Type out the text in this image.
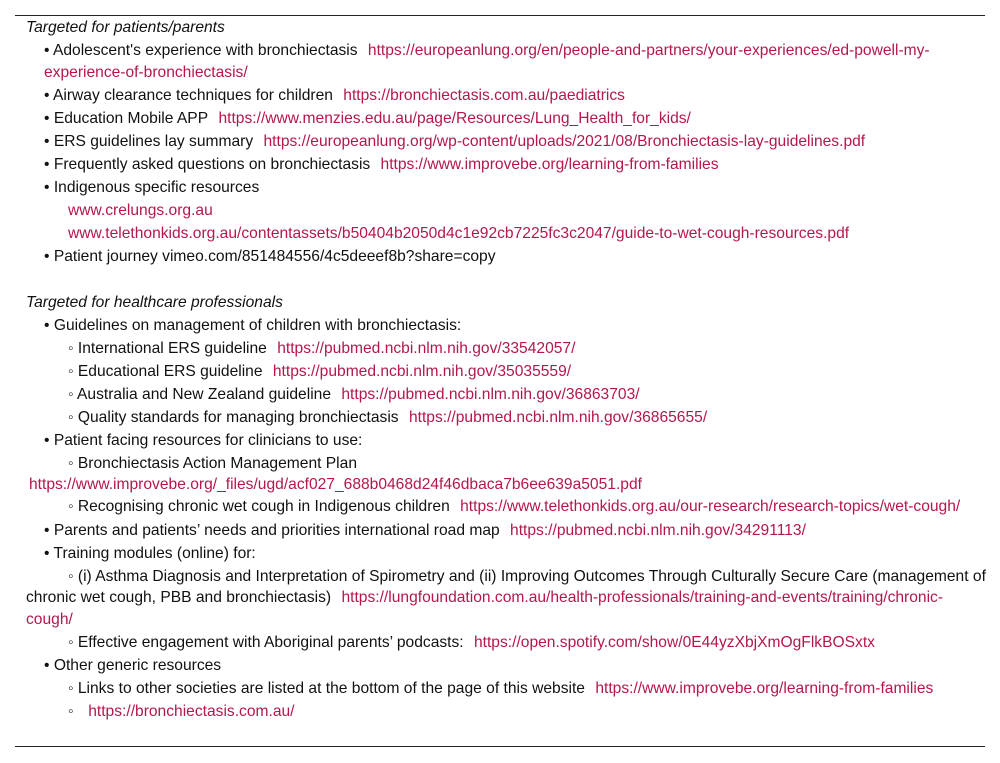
Targeted for patients/parents
• Adolescent's experience with bronchiectasis https://europeanlung.org/en/people-and-partners/your-experiences/ed-powell-my-experience-of-bronchiectasis/
• Airway clearance techniques for children https://bronchiectasis.com.au/paediatrics
• Education Mobile APP https://www.menzies.edu.au/page/Resources/Lung_Health_for_kids/
• ERS guidelines lay summary https://europeanlung.org/wp-content/uploads/2021/08/Bronchiectasis-lay-guidelines.pdf
• Frequently asked questions on bronchiectasis https://www.improvebe.org/learning-from-families
• Indigenous specific resources
www.crelungs.org.au
www.telethonkids.org.au/contentassets/b50404b2050d4c1e92cb7225fc3c2047/guide-to-wet-cough-resources.pdf
• Patient journey vimeo.com/851484556/4c5deeef8b?share=copy
Targeted for healthcare professionals
• Guidelines on management of children with bronchiectasis:
◦ International ERS guideline https://pubmed.ncbi.nlm.nih.gov/33542057/
◦ Educational ERS guideline https://pubmed.ncbi.nlm.nih.gov/35035559/
◦ Australia and New Zealand guideline https://pubmed.ncbi.nlm.nih.gov/36863703/
◦ Quality standards for managing bronchiectasis https://pubmed.ncbi.nlm.nih.gov/36865655/
• Patient facing resources for clinicians to use:
◦ Bronchiectasis Action Management Plan
https://www.improvebe.org/_files/ugd/acf027_688b0468d24f46dbaca7b6ee639a5051.pdf
◦ Recognising chronic wet cough in Indigenous children https://www.telethonkids.org.au/our-research/research-topics/wet-cough/
• Parents and patients’ needs and priorities international road map https://pubmed.ncbi.nlm.nih.gov/34291113/
• Training modules (online) for:
◦ (i) Asthma Diagnosis and Interpretation of Spirometry and (ii) Improving Outcomes Through Culturally Secure Care (management of chronic wet cough, PBB and bronchiectasis) https://lungfoundation.com.au/health-professionals/training-and-events/training/chronic-cough/
◦ Effective engagement with Aboriginal parents’ podcasts: https://open.spotify.com/show/0E44yzXbjXmOgFlkBOSxtx
• Other generic resources
◦ Links to other societies are listed at the bottom of the page of this website https://www.improvebe.org/learning-from-families
◦ https://bronchiectasis.com.au/
